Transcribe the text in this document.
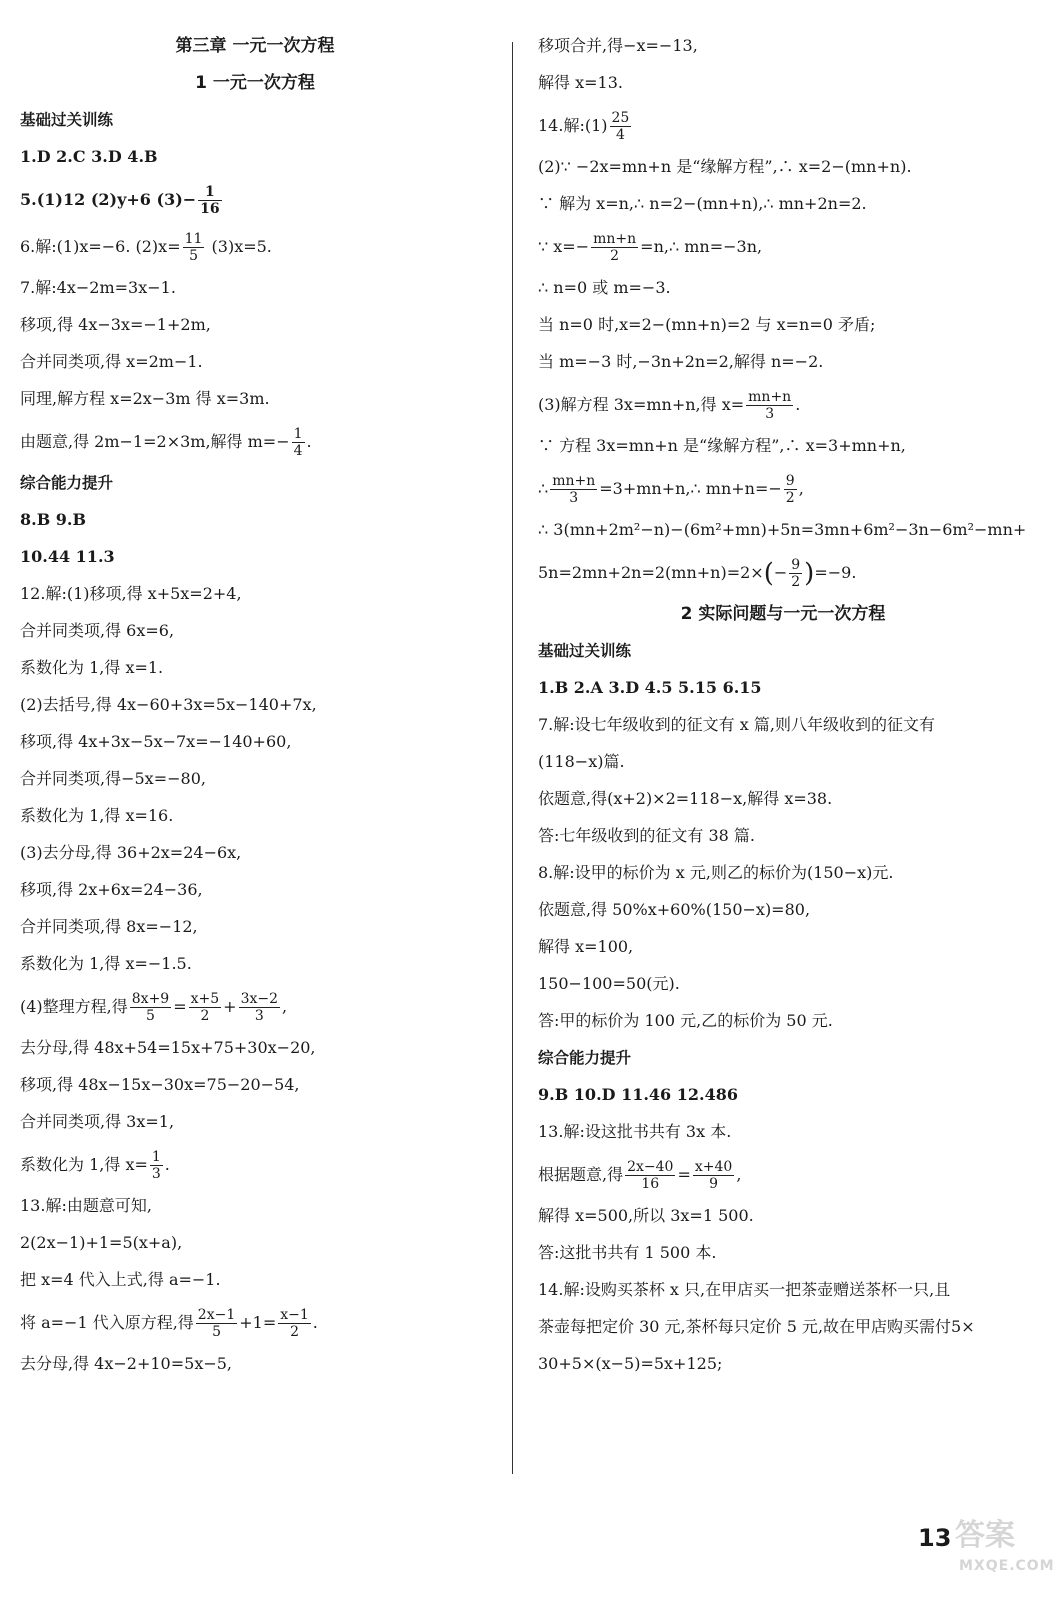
第三章 一元一次方程
1 一元一次方程
基础过关训练
1.D 2.C 3.D 4.B
5.(1)12 (2)y+6 $(3)- \frac{1}{16}$
6.解:(1)x=−6. $(2)x= \frac{11}{5} (3)x=5$.
7.解:4x−2m=3x−1.
移项,得 4x−3x=−1+2m,
合并同类项,得 x=2m−1.
同理,解方程 x=2x−3m 得 x=3m.
由题意,得 2m−1=2×3m,解得 $m=- \frac{1}{4}$ .
综合能力提升
8.B 9.B
10.44 11.3
12.解:(1)移项,得 x+5x=2+4,
合并同类项,得 6x=6,
系数化为 1,得 x=1.
(2)去括号,得 4x−60+3x=5x−140+7x,
移项,得 4x+3x−5x−7x=−140+60,
合并同类项,得−5x=−80,
系数化为 1,得 x=16.
(3)去分母,得 36+2x=24−6x,
移项,得 2x+6x=24−36,
合并同类项,得 8x=−12,
系数化为 1,得 x=−1.5.
(4)整理方程,得 $\frac{8x+9}{5} = \frac{x+5}{2} + \frac{3x-2}{3}$ ,
去分母,得 48x+54=15x+75+30x−20,
移项,得 48x−15x−30x=75−20−54,
合并同类项,得 3x=1,
系数化为 1,得 $x= \frac{1}{3}$ .
13.解:由题意可知,
2(2x−1)+1=5(x+a),
把 x=4 代入上式,得 a=−1.
将 a=−1 代入原方程,得 $\frac{2x-1}{5} +1= \frac{x-1}{2}$ .
去分母,得 4x−2+10=5x−5,
移项合并,得−x=−13,
解得 x=13.
14.解:(1) $\frac{25}{4}$
(2)∵ −2x=mn+n 是“缘解方程”,∴ x=2−(mn+n).
∵ 解为 x=n,∴ n=2−(mn+n),∴ mn+2n=2.
∵ $x=- \frac{mn+n}{2}$ =n,∴ mn=−3n,
∴ n=0 或 m=−3.
当 n=0 时,x=2−(mn+n)=2 与 x=n=0 矛盾;
当 m=−3 时,−3n+2n=2,解得 n=−2.
(3)解方程 3x=mn+n,得 $x= \frac{mn+n}{3}$ .
∵ 方程 3x=mn+n 是“缘解方程”,∴ x=3+mn+n,
∴ $\frac{mn+n}{3}$ =3+mn+n,∴ $mn+n=- \frac{9}{2}$ ,
∴ 3(mn+2m²−n)−(6m²+mn)+5n=3mn+6m²−3n−6m²−mn+
$5n=2mn+2n=2(mn+n)=2\times(- \frac{9}{2} )=-9$.
2 实际问题与一元一次方程
基础过关训练
1.B 2.A 3.D 4.5 5.15 6.15
7.解:设七年级收到的征文有 x 篇,则八年级收到的征文有
(118−x)篇.
依题意,得(x+2)×2=118−x,解得 x=38.
答:七年级收到的征文有 38 篇.
8.解:设甲的标价为 x 元,则乙的标价为(150−x)元.
依题意,得 50%x+60%(150−x)=80,
解得 x=100,
150−100=50(元).
答:甲的标价为 100 元,乙的标价为 50 元.
综合能力提升
9.B 10.D 11.46 12.486
13.解:设这批书共有 3x 本.
根据题意,得 $\frac{2x-40}{16} = \frac{x+40}{9}$ ,
解得 x=500,所以 3x=1 500.
答:这批书共有 1 500 本.
14.解:设购买茶杯 x 只,在甲店买一把茶壶赠送茶杯一只,且
茶壶每把定价 30 元,茶杯每只定价 5 元,故在甲店购买需付5×
30+5×(x−5)=5x+125;
13 答案
MXQE.COM
